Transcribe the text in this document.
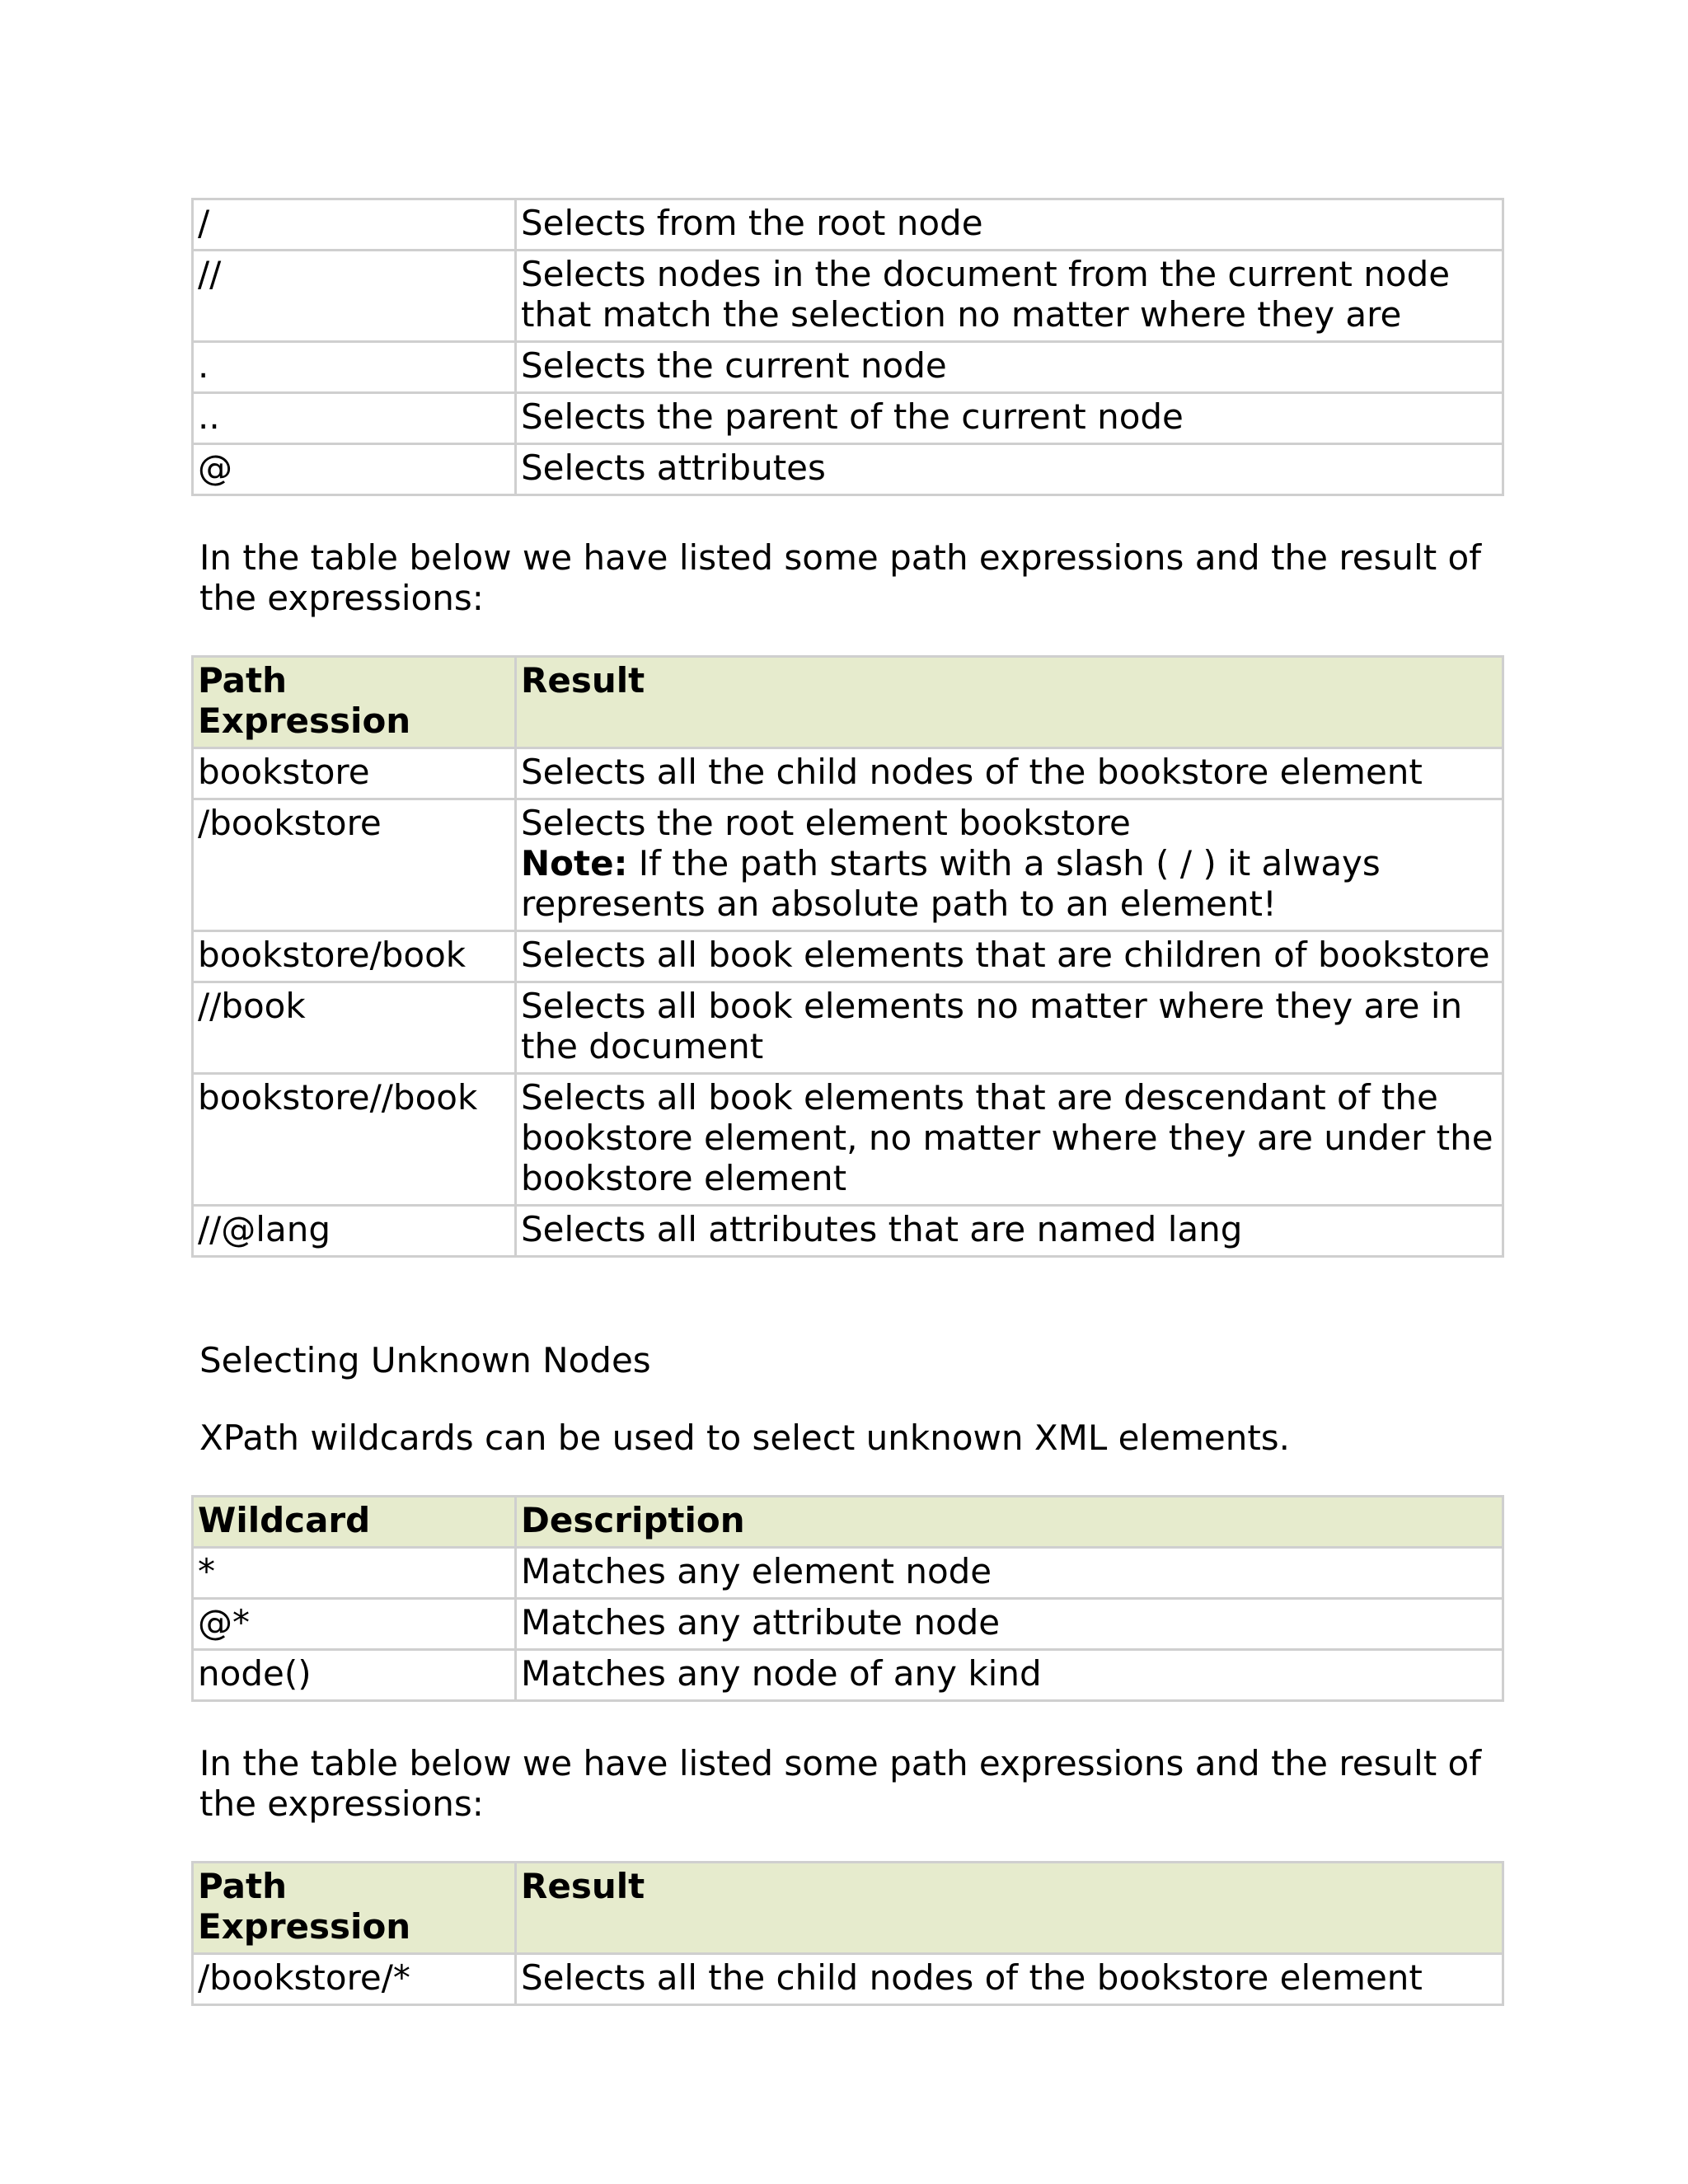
/	Selects from the root node
//	Selects nodes in the document from the current node that match the selection no matter where they are
.	Selects the current node
..	Selects the parent of the current node
@	Selects attributes

In the table below we have listed some path expressions and the result of the expressions:

Path Expression	Result
bookstore	Selects all the child nodes of the bookstore element
/bookstore	Selects the root element bookstore
Note: If the path starts with a slash ( / ) it always represents an absolute path to an element!
bookstore/book	Selects all book elements that are children of bookstore
//book	Selects all book elements no matter where they are in the document
bookstore//book	Selects all book elements that are descendant of the bookstore element, no matter where they are under the bookstore element
//@lang	Selects all attributes that are named lang

Selecting Unknown Nodes

XPath wildcards can be used to select unknown XML elements.

Wildcard	Description
*	Matches any element node
@*	Matches any attribute node
node()	Matches any node of any kind

In the table below we have listed some path expressions and the result of the expressions:

Path Expression	Result
/bookstore/*	Selects all the child nodes of the bookstore element
